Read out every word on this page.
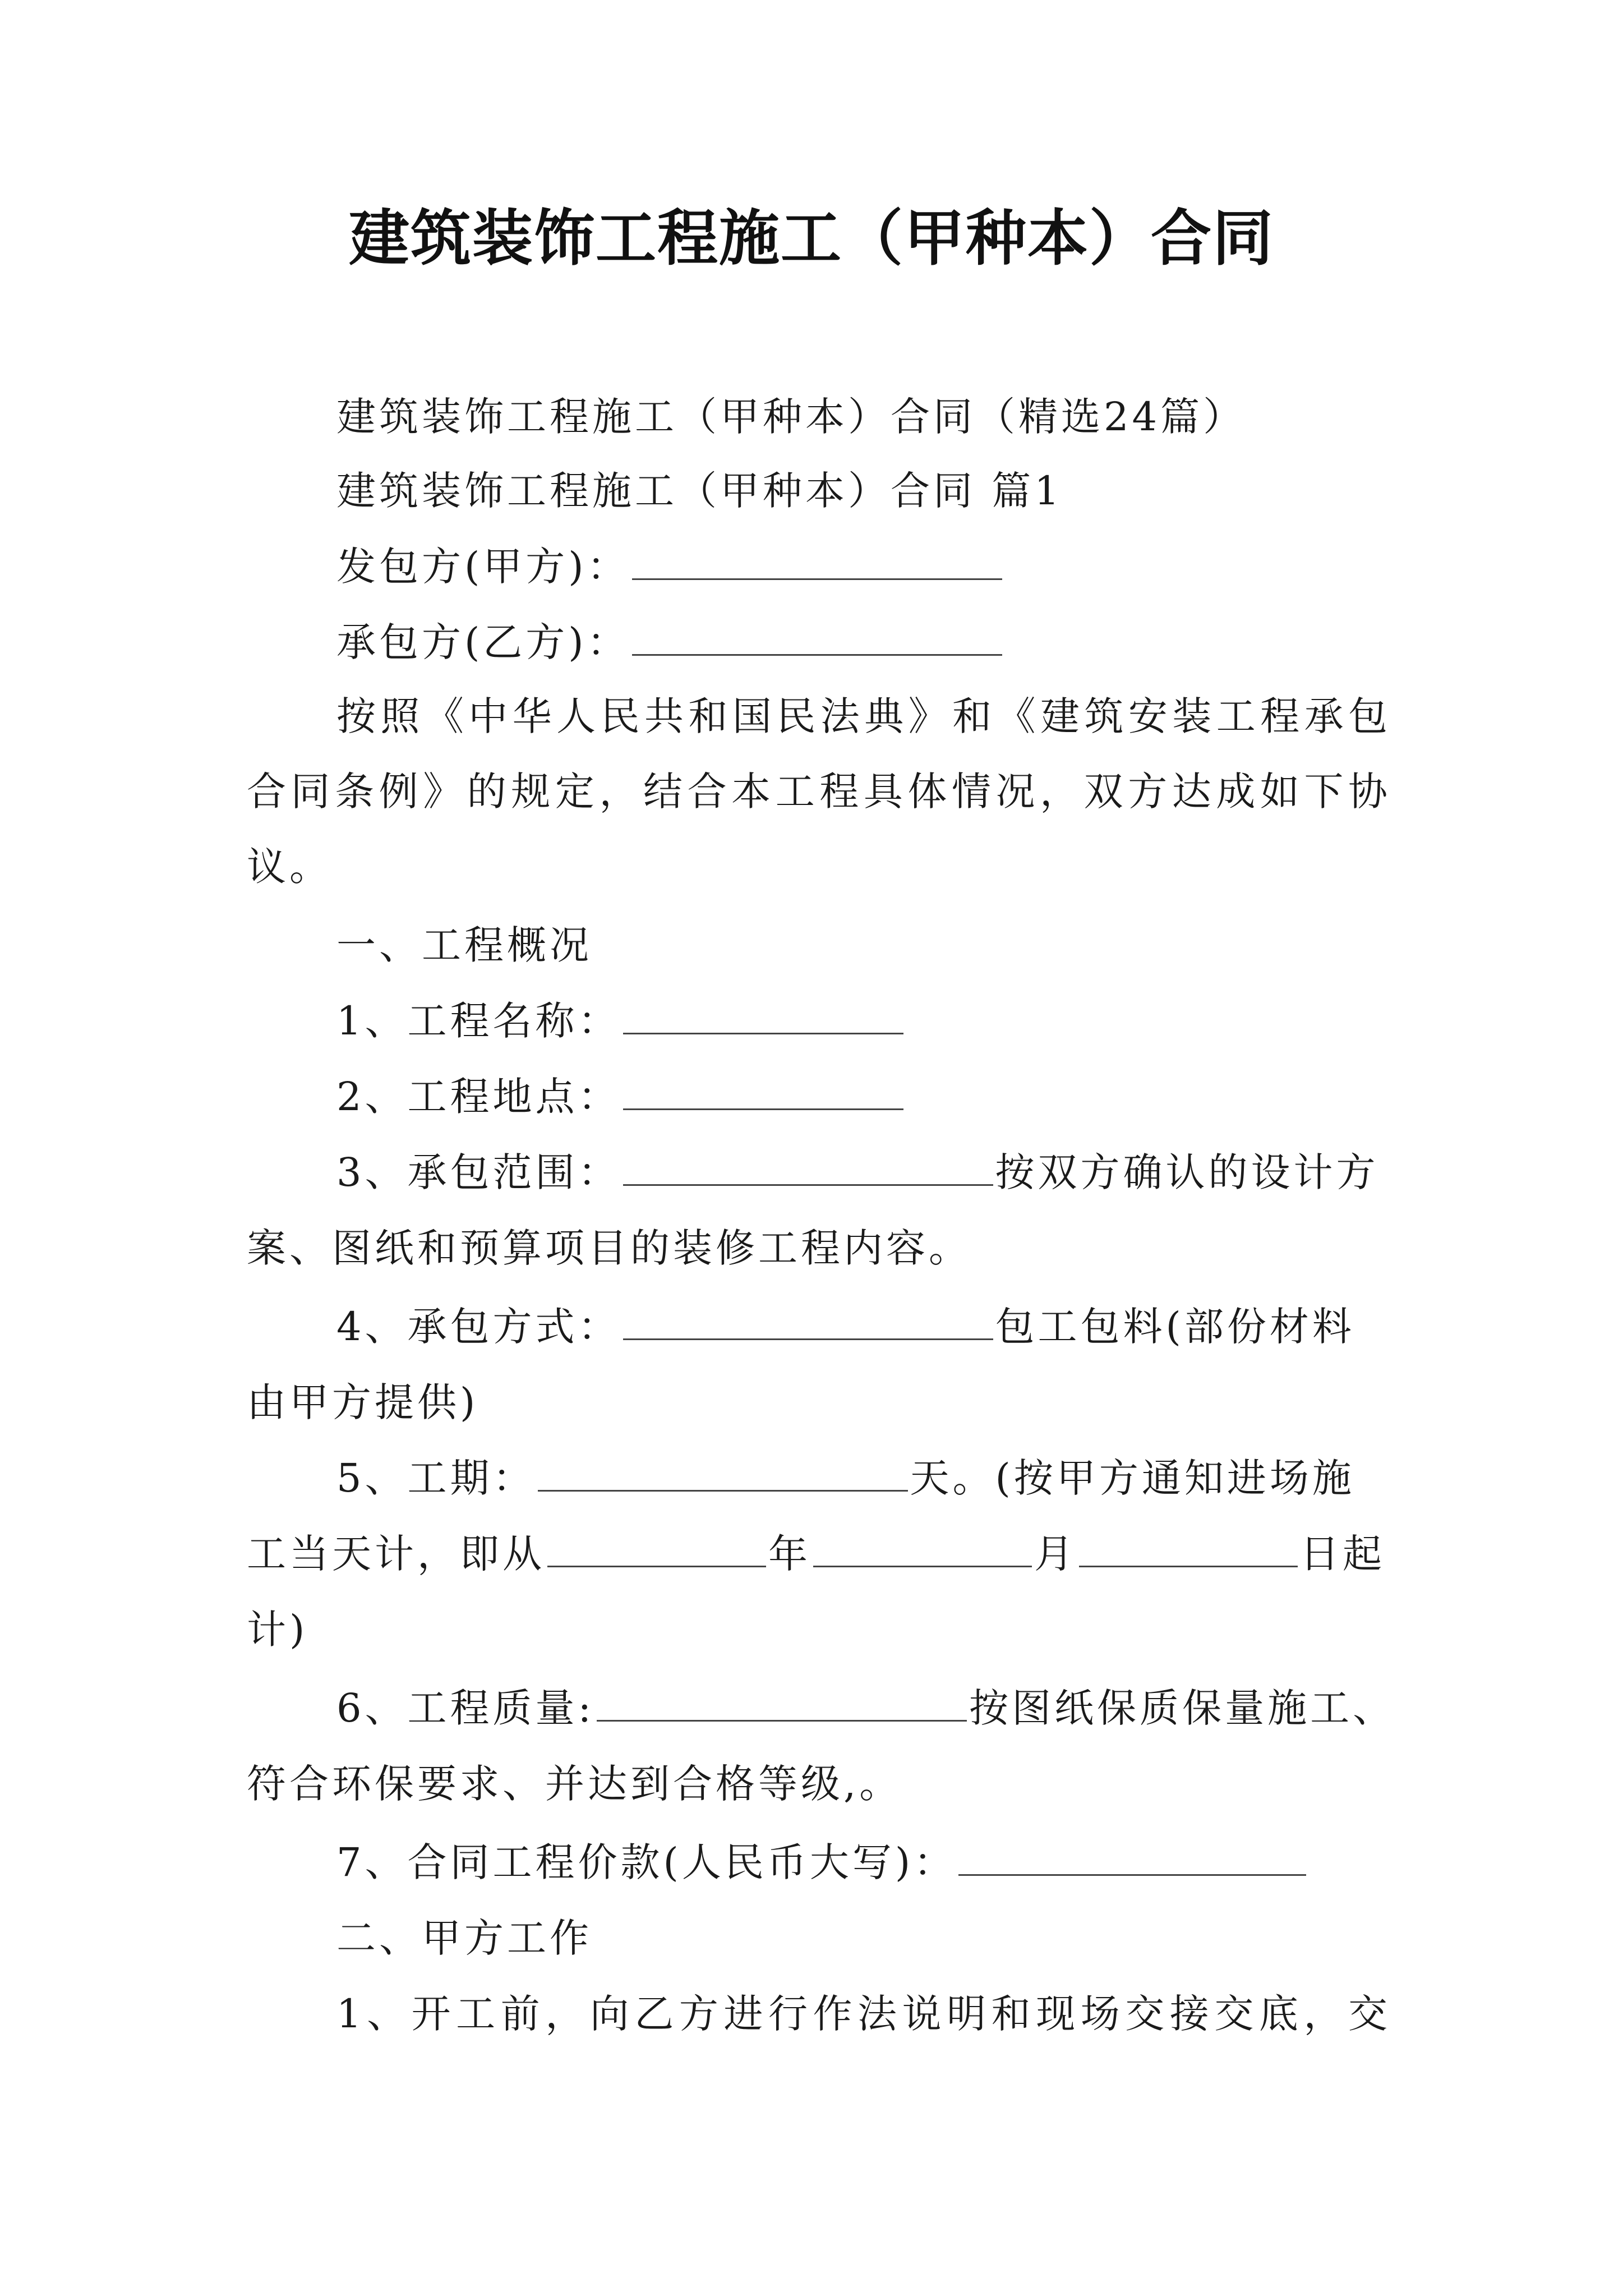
建筑装饰工程施工（甲种本）合同
建筑装饰工程施工（甲种本）合同（精选24篇）
建筑装饰工程施工（甲种本）合同 篇1
发包方(甲方)：
承包方(乙方)：
按照《中华人民共和国民法典》和《建筑安装工程承包
合同条例》的规定，结合本工程具体情况，双方达成如下协
议。
一、工程概况
1、工程名称：
2、工程地点：
3、承包范围：	按双方确认的设计方
案、图纸和预算项目的装修工程内容。
4、承包方式：	包工包料(部份材料
由甲方提供)
5、工期：	天。(按甲方通知进场施
工当天计，即从	年	月	日起
计)
6、工程质量:	按图纸保质保量施工、
符合环保要求、并达到合格等级,。
7、合同工程价款(人民币大写)：
二、甲方工作
1、开工前，向乙方进行作法说明和现场交接交底，交
